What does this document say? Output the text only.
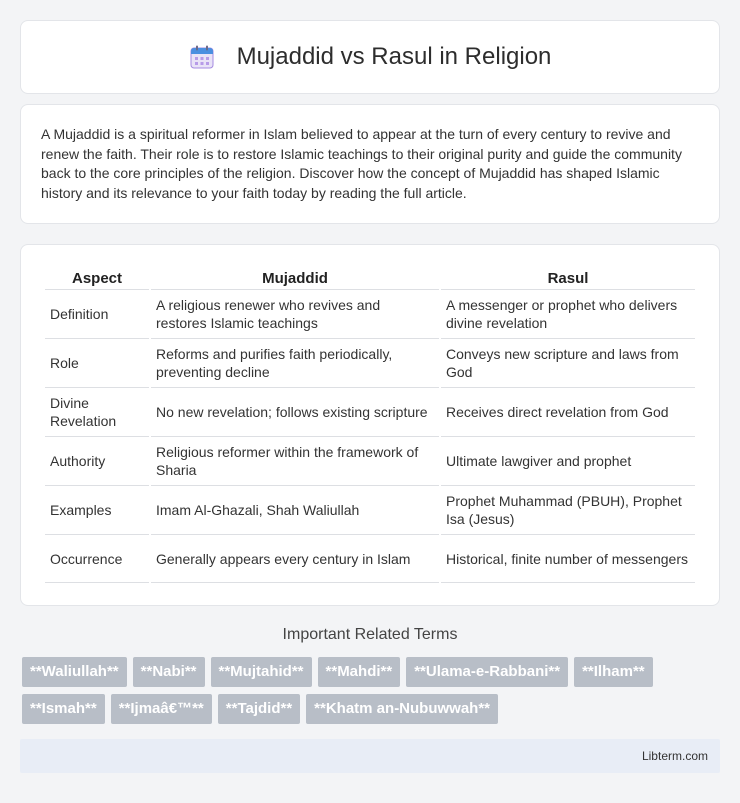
Mujaddid vs Rasul in Religion

A Mujaddid is a spiritual reformer in Islam believed to appear at the turn of every century to revive and renew the faith. Their role is to restore Islamic teachings to their original purity and guide the community back to the core principles of the religion. Discover how the concept of Mujaddid has shaped Islamic history and its relevance to your faith today by reading the full article.

Aspect	Mujaddid	Rasul
Definition	A religious renewer who revives and restores Islamic teachings	A messenger or prophet who delivers divine revelation
Role	Reforms and purifies faith periodically, preventing decline	Conveys new scripture and laws from God
Divine Revelation	No new revelation; follows existing scripture	Receives direct revelation from God
Authority	Religious reformer within the framework of Sharia	Ultimate lawgiver and prophet
Examples	Imam Al-Ghazali, Shah Waliullah	Prophet Muhammad (PBUH), Prophet Isa (Jesus)
Occurrence	Generally appears every century in Islam	Historical, finite number of messengers
Important Related Terms
**Waliullah**	**Nabi**	**Mujtahid**	**Mahdi**	**Ulama-e-Rabbani**	**Ilham**
**Ismah**	**Ijmaâ€™**	**Tajdid**	**Khatm an-Nubuwwah**
Libterm.com
